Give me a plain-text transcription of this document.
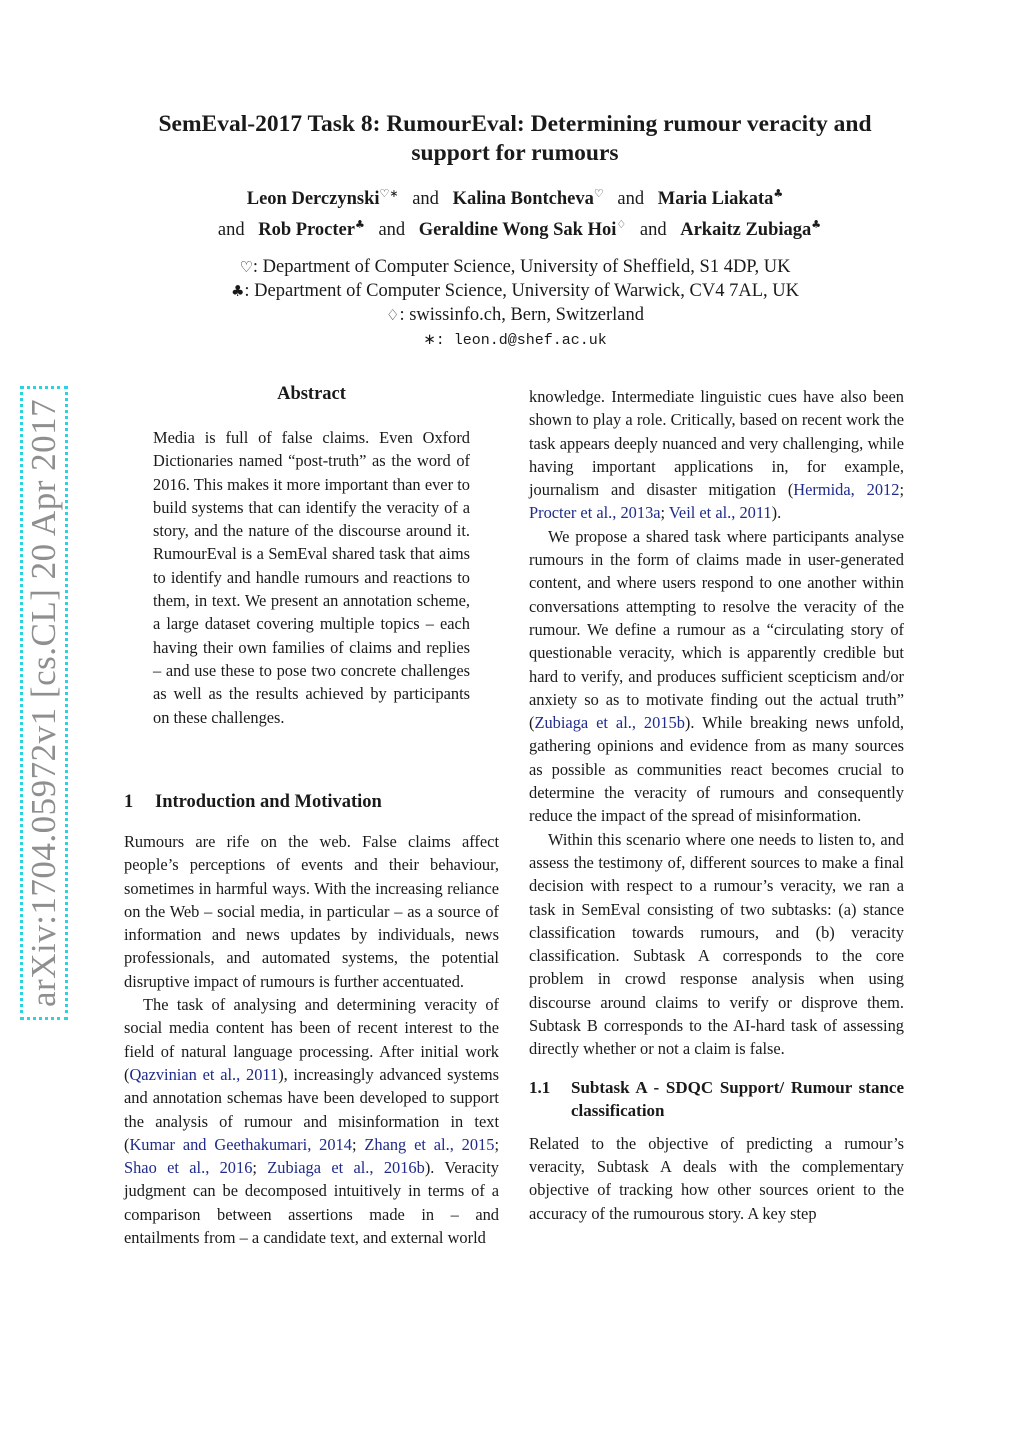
arXiv:1704.05972v1 [cs.CL] 20 Apr 2017
SemEval-2017 Task 8: RumourEval: Determining rumour veracity and support for rumours
Leon Derczynski♡∗ and Kalina Bontcheva♡ and Maria Liakata♣
and Rob Procter♣ and Geraldine Wong Sak Hoi♢ and Arkaitz Zubiaga♣
♡: Department of Computer Science, University of Sheffield, S1 4DP, UK
♣: Department of Computer Science, University of Warwick, CV4 7AL, UK
♢: swissinfo.ch, Bern, Switzerland
∗: leon.d@shef.ac.uk
Abstract

Media is full of false claims. Even Oxford Dictionaries named “post-truth” as the word of 2016. This makes it more important than ever to build systems that can identify the veracity of a story, and the nature of the discourse around it. RumourEval is a SemEval shared task that aims to identify and handle rumours and reactions to them, in text. We present an annotation scheme, a large dataset covering multiple topics – each having their own families of claims and replies – and use these to pose two concrete challenges as well as the results achieved by participants on these challenges.

1 Introduction and Motivation

Rumours are rife on the web. False claims affect people’s perceptions of events and their behaviour, sometimes in harmful ways. With the increasing reliance on the Web – social media, in particular – as a source of information and news updates by individuals, news professionals, and automated systems, the potential disruptive impact of rumours is further accentuated.

The task of analysing and determining veracity of social media content has been of recent interest to the field of natural language processing. After initial work (Qazvinian et al., 2011), increasingly advanced systems and annotation schemas have been developed to support the analysis of rumour and misinformation in text (Kumar and Geethakumari, 2014; Zhang et al., 2015; Shao et al., 2016; Zubiaga et al., 2016b). Veracity judgment can be decomposed intuitively in terms of a comparison between assertions made in – and entailments from – a candidate text, and external world

knowledge. Intermediate linguistic cues have also been shown to play a role. Critically, based on recent work the task appears deeply nuanced and very challenging, while having important applications in, for example, journalism and disaster mitigation (Hermida, 2012; Procter et al., 2013a; Veil et al., 2011).

We propose a shared task where participants analyse rumours in the form of claims made in user-generated content, and where users respond to one another within conversations attempting to resolve the veracity of the rumour. We define a rumour as a “circulating story of questionable veracity, which is apparently credible but hard to verify, and produces sufficient scepticism and/or anxiety so as to motivate finding out the actual truth” (Zubiaga et al., 2015b). While breaking news unfold, gathering opinions and evidence from as many sources as possible as communities react becomes crucial to determine the veracity of rumours and consequently reduce the impact of the spread of misinformation.

Within this scenario where one needs to listen to, and assess the testimony of, different sources to make a final decision with respect to a rumour’s veracity, we ran a task in SemEval consisting of two subtasks: (a) stance classification towards rumours, and (b) veracity classification. Subtask A corresponds to the core problem in crowd response analysis when using discourse around claims to verify or disprove them. Subtask B corresponds to the AI-hard task of assessing directly whether or not a claim is false.

1.1	Subtask A - SDQC Support/ Rumour stance classification

Related to the objective of predicting a rumour’s veracity, Subtask A deals with the complementary objective of tracking how other sources orient to the accuracy of the rumourous story. A key step
